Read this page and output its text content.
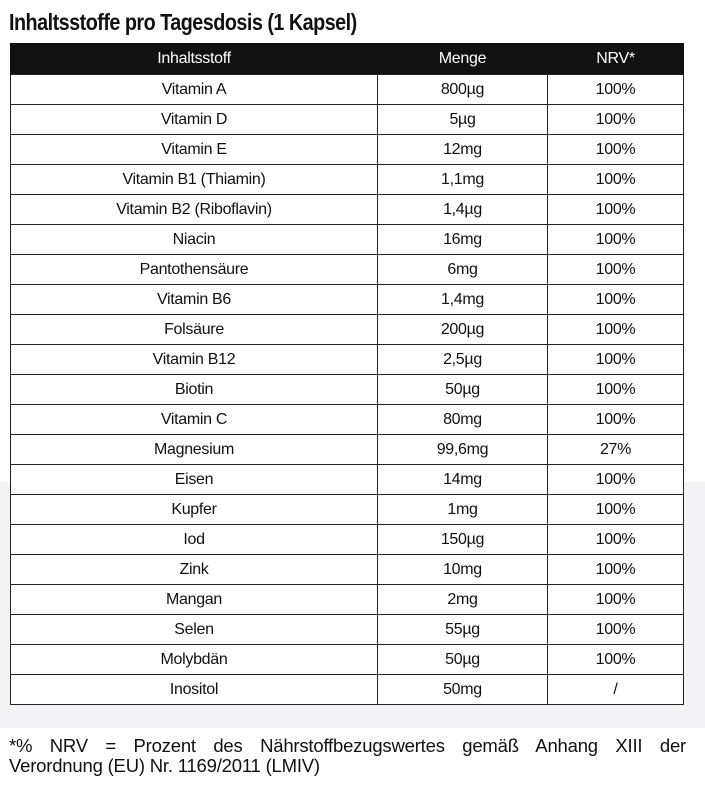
Inhaltsstoffe pro Tagesdosis (1 Kapsel)
Inhaltsstoff	Menge	NRV*
Vitamin A	800µg	100%
Vitamin D	5µg	100%
Vitamin E	12mg	100%
Vitamin B1 (Thiamin)	1,1mg	100%
Vitamin B2 (Riboflavin)	1,4µg	100%
Niacin	16mg	100%
Pantothensäure	6mg	100%
Vitamin B6	1,4mg	100%
Folsäure	200µg	100%
Vitamin B12	2,5µg	100%
Biotin	50µg	100%
Vitamin C	80mg	100%
Magnesium	99,6mg	27%
Eisen	14mg	100%
Kupfer	1mg	100%
Iod	150µg	100%
Zink	10mg	100%
Mangan	2mg	100%
Selen	55µg	100%
Molybdän	50µg	100%
Inositol	50mg	/
*% NRV = Prozent des Nährstoffbezugswertes gemäß Anhang XIII der
Verordnung (EU) Nr. 1169/2011 (LMIV)
